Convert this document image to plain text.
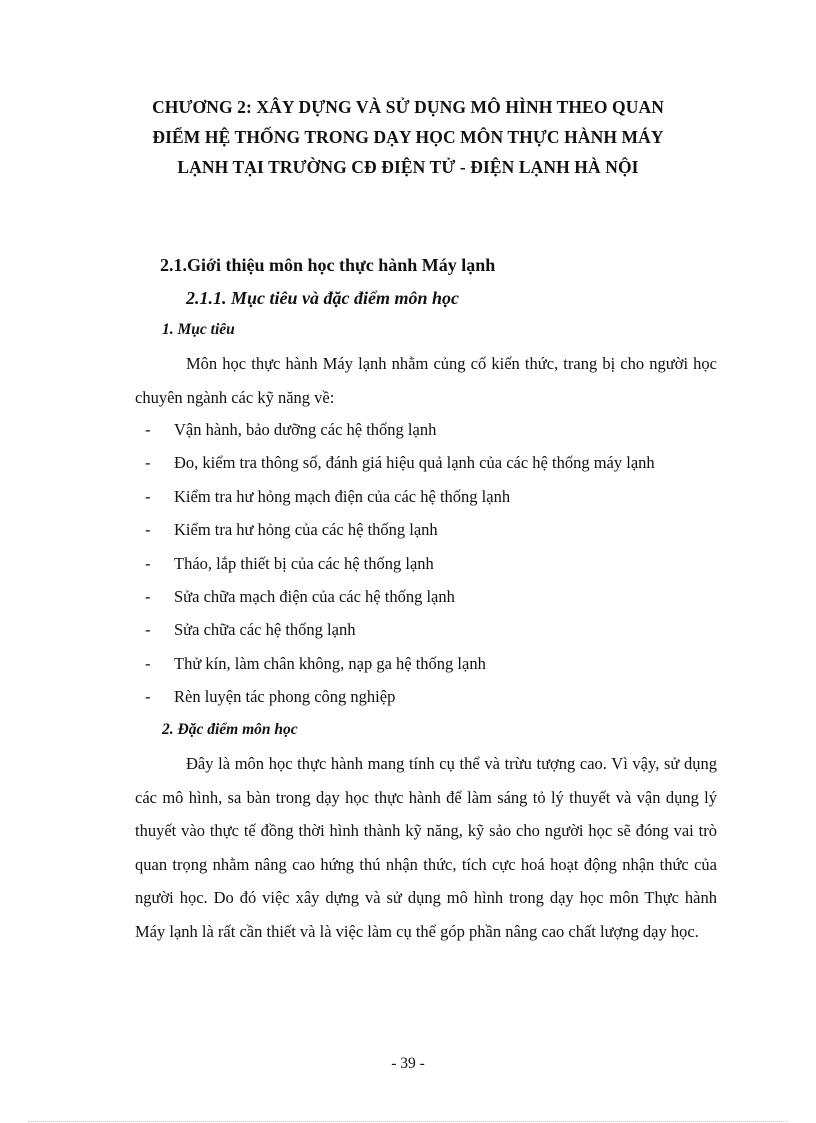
CHƯƠNG 2: XÂY DỰNG VÀ SỬ DỤNG MÔ HÌNH THEO QUAN
ĐIỂM HỆ THỐNG TRONG DẠY HỌC MÔN THỰC HÀNH MÁY
LẠNH TẠI TRƯỜNG CĐ ĐIỆN TỬ - ĐIỆN LẠNH HÀ NỘI
2.1.Giới thiệu môn học thực hành Máy lạnh
2.1.1. Mục tiêu và đặc điểm môn học
1. Mục tiêu
Môn học thực hành Máy lạnh nhằm củng cố kiến thức, trang bị cho người học chuyên ngành các kỹ năng về:
-	Vận hành, bảo dưỡng các hệ thống lạnh
-	Đo, kiểm tra thông số, đánh giá hiệu quả lạnh của các hệ thống máy lạnh
-	Kiểm tra hư hỏng mạch điện của các hệ thống lạnh
-	Kiểm tra hư hỏng của các hệ thống lạnh
-	Tháo, lắp thiết bị của các hệ thống lạnh
-	Sửa chữa mạch điện của các hệ thống lạnh
-	Sửa chữa các hệ thống lạnh
-	Thử kín, làm chân không, nạp ga hệ thống lạnh
-	Rèn luyện tác phong công nghiệp
2. Đặc điểm môn học
Đây là môn học thực hành mang tính cụ thể và trừu tượng cao. Vì vậy, sử dụng các mô hình, sa bàn trong dạy học thực hành để làm sáng tỏ lý thuyết và vận dụng lý thuyết vào thực tế đồng thời hình thành kỹ năng, kỹ sảo cho người học sẽ đóng vai trò quan trọng nhằm nâng cao hứng thú nhận thức, tích cực hoá hoạt động nhận thức của người học. Do đó việc xây dựng và sử dụng mô hình trong dạy học môn Thực hành Máy lạnh là rất cần thiết và là việc làm cụ thể góp phần nâng cao chất lượng dạy học.
- 39 -
